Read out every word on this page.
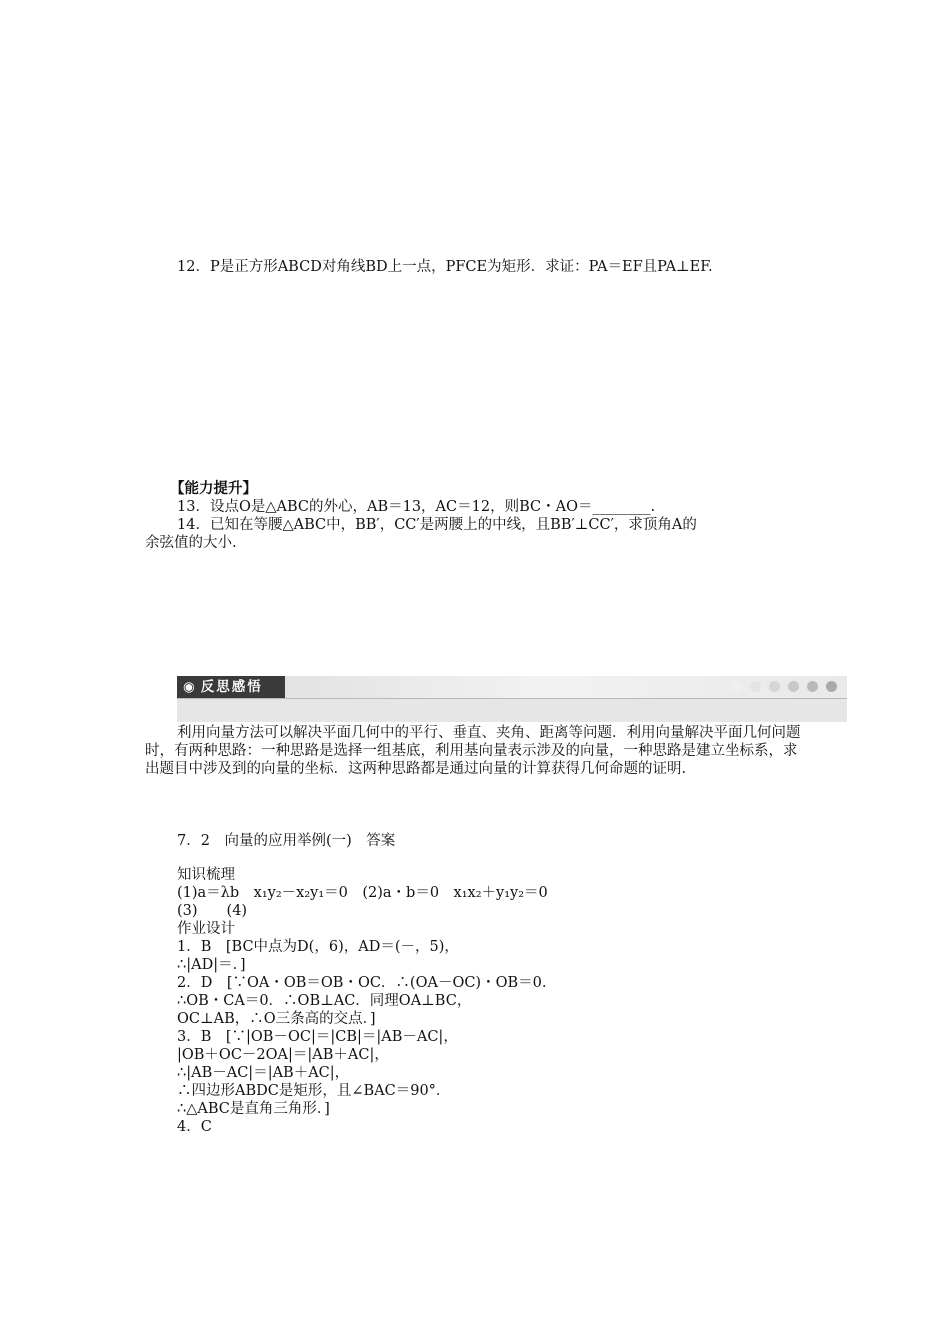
12．P是正方形ABCD对角线BD上一点，PFCE为矩形．求证：PA＝EF且PA⊥EF.
【能力提升】
13．设点O是△ABC的外心，AB＝13，AC＝12，则BC・AO＝________.
14．已知在等腰△ABC中，BB′，CC′是两腰上的中线，且BB′⊥CC′，求顶角A的
余弦值的大小.
◉ 反思感悟
利用向量方法可以解决平面几何中的平行、垂直、夹角、距离等问题．利用向量解决平面几何问题时，有两种思路：一种思路是选择一组基底，利用基向量表示涉及的向量，一种思路是建立坐标系，求出题目中涉及到的向量的坐标．这两种思路都是通过向量的计算获得几何命题的证明.
7．2　向量的应用举例(一)　答案
知识梳理
(1)a＝λb　x₁y₂－x₂y₁＝0　(2)a・b＝0　x₁x₂＋y₁y₂＝0
(3)　　(4)
作业设计
1．B　[BC中点为D(，6)，AD＝(－，5)，
∴|AD|＝．]
2．D　[∵OA・OB＝OB・OC．∴(OA－OC)・OB＝0.
∴OB・CA＝0．∴OB⊥AC．同理OA⊥BC，
OC⊥AB，∴O三条高的交点．]
3．B　[∵|OB－OC|＝|CB|＝|AB－AC|，
|OB＋OC－2OA|＝|AB＋AC|，
∴|AB－AC|＝|AB＋AC|，
∴四边形ABDC是矩形，且∠BAC＝90°．
∴△ABC是直角三角形．]
4．C
